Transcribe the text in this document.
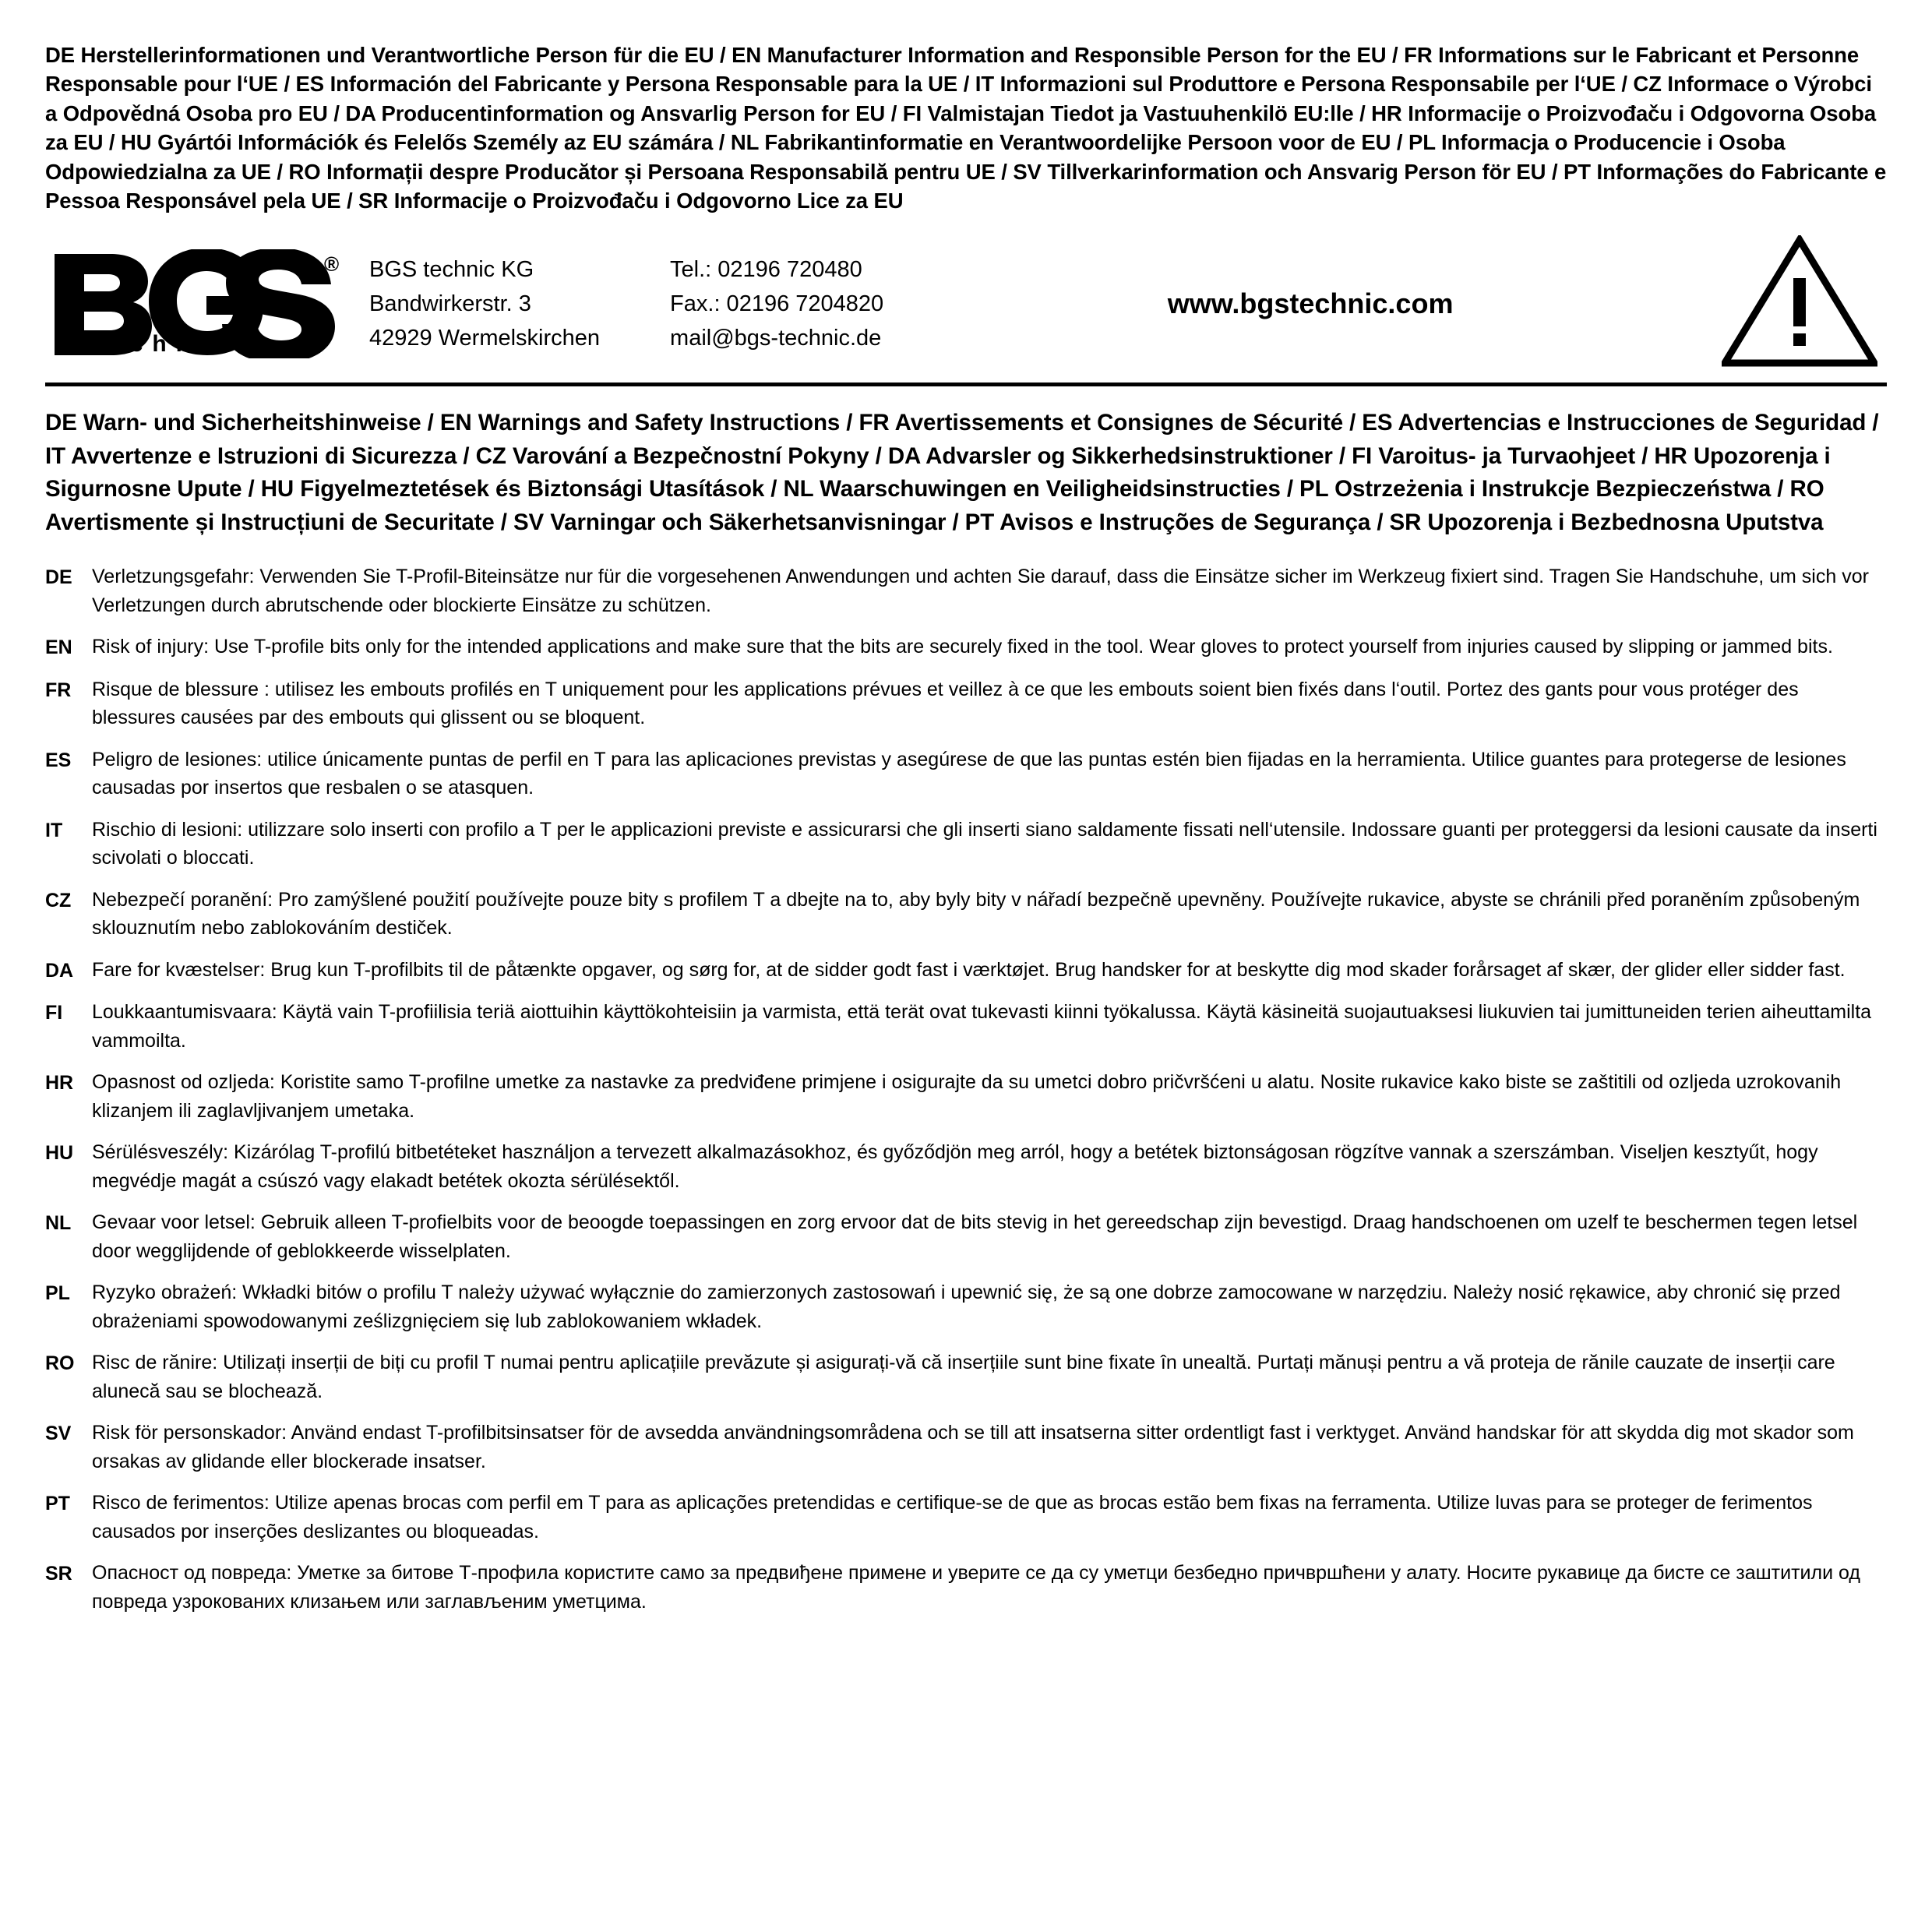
DE Herstellerinformationen und Verantwortliche Person für die EU / EN Manufacturer Information and Responsible Person for the EU / FR Informations sur le Fabricant et Personne Responsable pour l‘UE / ES Información del Fabricante y Persona Responsable para la UE / IT Informazioni sul Produttore e Persona Responsabile per l‘UE / CZ Informace o Výrobci a Odpovědná Osoba pro EU / DA Producentinformation og Ansvarlig Person for EU / FI Valmistajan Tiedot ja Vastuuhenkilö EU:lle / HR Informacije o Proizvođaču i Odgovorna Osoba za EU / HU Gyártói Információk és Felelős Személy az EU számára / NL Fabrikantinformatie en Verantwoordelijke Persoon voor de EU / PL Informacja o Producencie i Osoba Odpowiedzialna za UE / RO Informații despre Producător și Persoana Responsabilă pentru UE / SV Tillverkarinformation och Ansvarig Person för EU / PT Informações do Fabricante e Pessoa Responsável pela UE / SR Informacije o Proizvođaču i Odgovorno Lice za EU
®
technic
BGS technic KG
Bandwirkerstr. 3
42929 Wermelskirchen
Tel.: 02196 720480
Fax.: 02196 7204820
mail@bgs-technic.de
www.bgstechnic.com
DE Warn- und Sicherheitshinweise / EN Warnings and Safety Instructions / FR Avertissements et Consignes de Sécurité / ES Advertencias e Instrucciones de Seguridad / IT Avvertenze e Istruzioni di Sicurezza / CZ Varování a Bezpečnostní Pokyny / DA Advarsler og Sikkerhedsinstruktioner / FI Varoitus- ja Turvaohjeet / HR Upozorenja i Sigurnosne Upute / HU Figyelmeztetések és Biztonsági Utasítások / NL Waarschuwingen en Veiligheidsinstructies / PL Ostrzeżenia i Instrukcje Bezpieczeństwa / RO Avertismente și Instrucțiuni de Securitate / SV Varningar och Säkerhetsanvisningar / PT Avisos e Instruções de Segurança / SR Upozorenja i Bezbednosna Uputstva
DE	Verletzungsgefahr: Verwenden Sie T-Profil-Biteinsätze nur für die vorgesehenen Anwendungen und achten Sie darauf, dass die Einsätze sicher im Werkzeug fixiert sind. Tragen Sie Handschuhe, um sich vor Verletzungen durch abrutschende oder blockierte Einsätze zu schützen.
EN	Risk of injury: Use T-profile bits only for the intended applications and make sure that the bits are securely fixed in the tool. Wear gloves to protect yourself from injuries caused by slipping or jammed bits.
FR	Risque de blessure : utilisez les embouts profilés en T uniquement pour les applications prévues et veillez à ce que les embouts soient bien fixés dans l‘outil. Portez des gants pour vous protéger des blessures causées par des embouts qui glissent ou se bloquent.
ES	Peligro de lesiones: utilice únicamente puntas de perfil en T para las aplicaciones previstas y asegúrese de que las puntas estén bien fijadas en la herramienta. Utilice guantes para protegerse de lesiones causadas por insertos que resbalen o se atasquen.
IT	Rischio di lesioni: utilizzare solo inserti con profilo a T per le applicazioni previste e assicurarsi che gli inserti siano saldamente fissati nell‘utensile. Indossare guanti per proteggersi da lesioni causate da inserti scivolati o bloccati.
CZ	Nebezpečí poranění: Pro zamýšlené použití používejte pouze bity s profilem T a dbejte na to, aby byly bity v nářadí bezpečně upevněny. Používejte rukavice, abyste se chránili před poraněním způsobeným sklouznutím nebo zablokováním destiček.
DA Fare for kvæstelser: Brug kun T-profilbits til de påtænkte opgaver, og sørg for, at de sidder godt fast i værktøjet. Brug handsker for at beskytte dig mod skader forårsaget af skær, der glider eller sidder fast.
FI	Loukkaantumisvaara: Käytä vain T-profiilisia teriä aiottuihin käyttökohteisiin ja varmista, että terät ovat tukevasti kiinni työkalussa. Käytä käsineitä suojautuaksesi liukuvien tai jumittuneiden terien aiheuttamilta vammoilta.
HR Opasnost od ozljeda: Koristite samo T-profilne umetke za nastavke za predviđene primjene i osigurajte da su umetci dobro pričvršćeni u alatu. Nosite rukavice kako biste se zaštitili od ozljeda uzrokovanih klizanjem ili zaglavljivanjem umetaka.
HU Sérülésveszély: Kizárólag T-profilú bitbetéteket használjon a tervezett alkalmazásokhoz, és győződjön meg arról, hogy a betétek biztonságosan rögzítve vannak a szerszámban. Viseljen kesztyűt, hogy megvédje magát a csúszó vagy elakadt betétek okozta sérülésektől.
NL	Gevaar voor letsel: Gebruik alleen T-profielbits voor de beoogde toepassingen en zorg ervoor dat de bits stevig in het gereedschap zijn bevestigd. Draag handschoenen om uzelf te beschermen tegen letsel door wegglijdende of geblokkeerde wisselplaten.
PL	Ryzyko obrażeń: Wkładki bitów o profilu T należy używać wyłącznie do zamierzonych zastosowań i upewnić się, że są one dobrze zamocowane w narzędziu. Należy nosić rękawice, aby chronić się przed obrażeniami spowodowanymi ześlizgnięciem się lub zablokowaniem wkładek.
RO Risc de rănire: Utilizați inserții de biți cu profil T numai pentru aplicațiile prevăzute și asigurați-vă că inserțiile sunt bine fixate în unealtă. Purtați mănuși pentru a vă proteja de rănile cauzate de inserții care alunecă sau se blochează.
SV	Risk för personskador: Använd endast T-profilbitsinsatser för de avsedda användningsområdena och se till att insatserna sitter ordentligt fast i verktyget. Använd handskar för att skydda dig mot skador som orsakas av glidande eller blockerade insatser.
PT	Risco de ferimentos: Utilize apenas brocas com perfil em T para as aplicações pretendidas e certifique-se de que as brocas estão bem fixas na ferramenta. Utilize luvas para se proteger de ferimentos causados por inserções deslizantes ou bloqueadas.
SR	Опасност од повреда: Уметке за битове Т-профила користите само за предвиђене примене и уверите се да су уметци безбедно причвршћени у алату. Носите рукавице да бисте се заштитили од повреда узрокованих клизањем или заглављеним уметцима.
